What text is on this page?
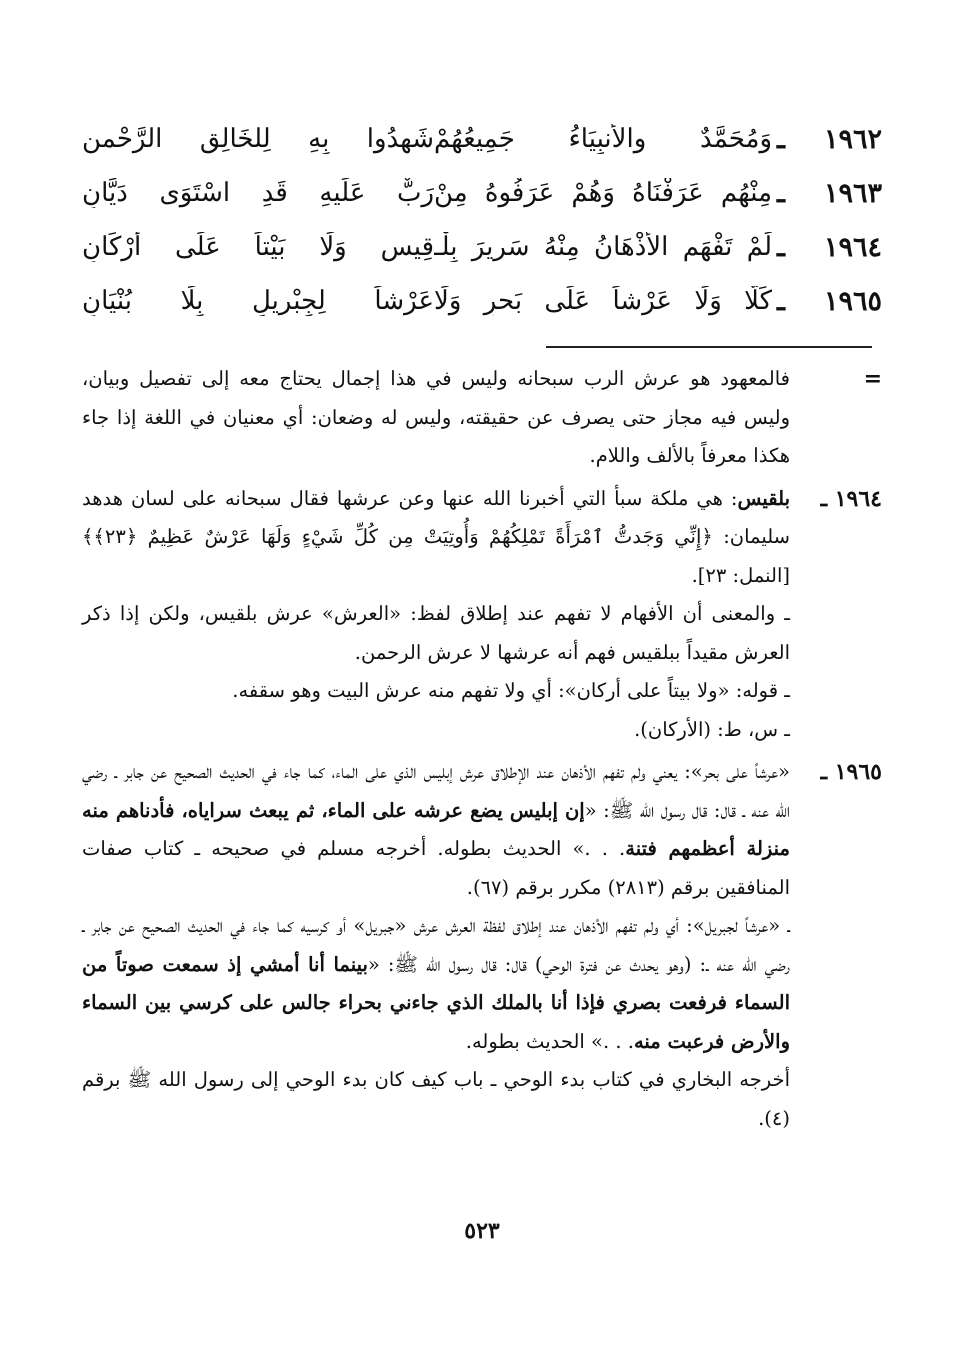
١٩٦٢
ـ
وَمُحَمَّدٌ والأنبِيَاءُ جَمِيعُهُمْ
شَهِدُوا بِهِ لِلخَالِقِ الرَّحْمنِ
١٩٦٣
ـ
مِنْهُم عَرَفْنَاهُ وَهُمْ عَرَفُوهُ مِنْ
رَبٌّ عَلَيهِ قَدِ اسْتَوَى دَيَّانِ
١٩٦٤
ـ
لَمْ تَفْهَمِ الأذْهَانُ مِنْهُ سَرِيرَ بِلْـ
قِيسٍ وَلَا بَيْتاً عَلَى أرْكَانِ
١٩٦٥
ـ
كَلَّا وَلَا عَرْشاً عَلَى بَحرٍ وَلَا
عَرْشاً لِجِبْرِيلٍ بِلَا بُنْيَانِ
=

فالمعهود هو عرش الرب سبحانه وليس في هذا إجمال يحتاج معه إلى تفصيل وبيان، وليس فيه مجاز حتى يصرف عن حقيقته، وليس له وضعان: أي معنيان في اللغة إذا جاء هكذا معرفاً بالألف واللام.

١٩٦٤ ـ

بلقيس: هي ملكة سبأ التي أخبرنا الله عنها وعن عرشها فقال سبحانه على لسان هدهد سليمان: ﴿إِنِّي وَجَدتُّ ٱمْرَأَةً تَمْلِكُهُمْ وَأُوتِيَتْ مِن كُلِّ شَيْءٍ وَلَهَا عَرْشٌ عَظِيمٌ ﴿٢٣﴾﴾ [النمل: ٢٣].

ـ والمعنى أن الأفهام لا تفهم عند إطلاق لفظ: «العرش» عرش بلقيس، ولكن إذا ذكر العرش مقيداً ببلقيس فهم أنه عرشها لا عرش الرحمن.

ـ قوله: «ولا بيتاً على أركان»: أي ولا تفهم منه عرش البيت وهو سقفه.

ـ س، ط: (الأركان).

١٩٦٥ ـ

«عرشاً على بحر»: يعني ولم تفهم الأذهان عند الإطلاق عرش إبليس الذي على الماء، كما جاء في الحديث الصحيح عن جابر ـ رضي الله عنه ـ قال: قال رسول الله ﷺ: «إن إبليس يضع عرشه على الماء، ثم يبعث سراياه، فأدناهم منه منزلة أعظمهم فتنة. . .» الحديث بطوله. أخرجه مسلم في صحيحه ـ كتاب صفات المنافقين برقم (٢٨١٣) مكرر برقم (٦٧).

ـ «عرشاً لجبريل»: أي ولم تفهم الأذهان عند إطلاق لفظة العرش عرش «جبريل» أو كرسيه كما جاء في الحديث الصحيح عن جابر ـ رضي الله عنه ـ: (وهو يحدث عن فترة الوحي) قال: قال رسول الله ﷺ: «بينما أنا أمشي إذ سمعت صوتاً من السماء فرفعت بصري فإذا أنا بالملك الذي جاءني بحراء جالس على كرسي بين السماء والأرض فرعبت منه. . .» الحديث بطوله.

أخرجه البخاري في كتاب بدء الوحي ـ باب كيف كان بدء الوحي إلى رسول الله ﷺ برقم (٤).

٥٢٣
